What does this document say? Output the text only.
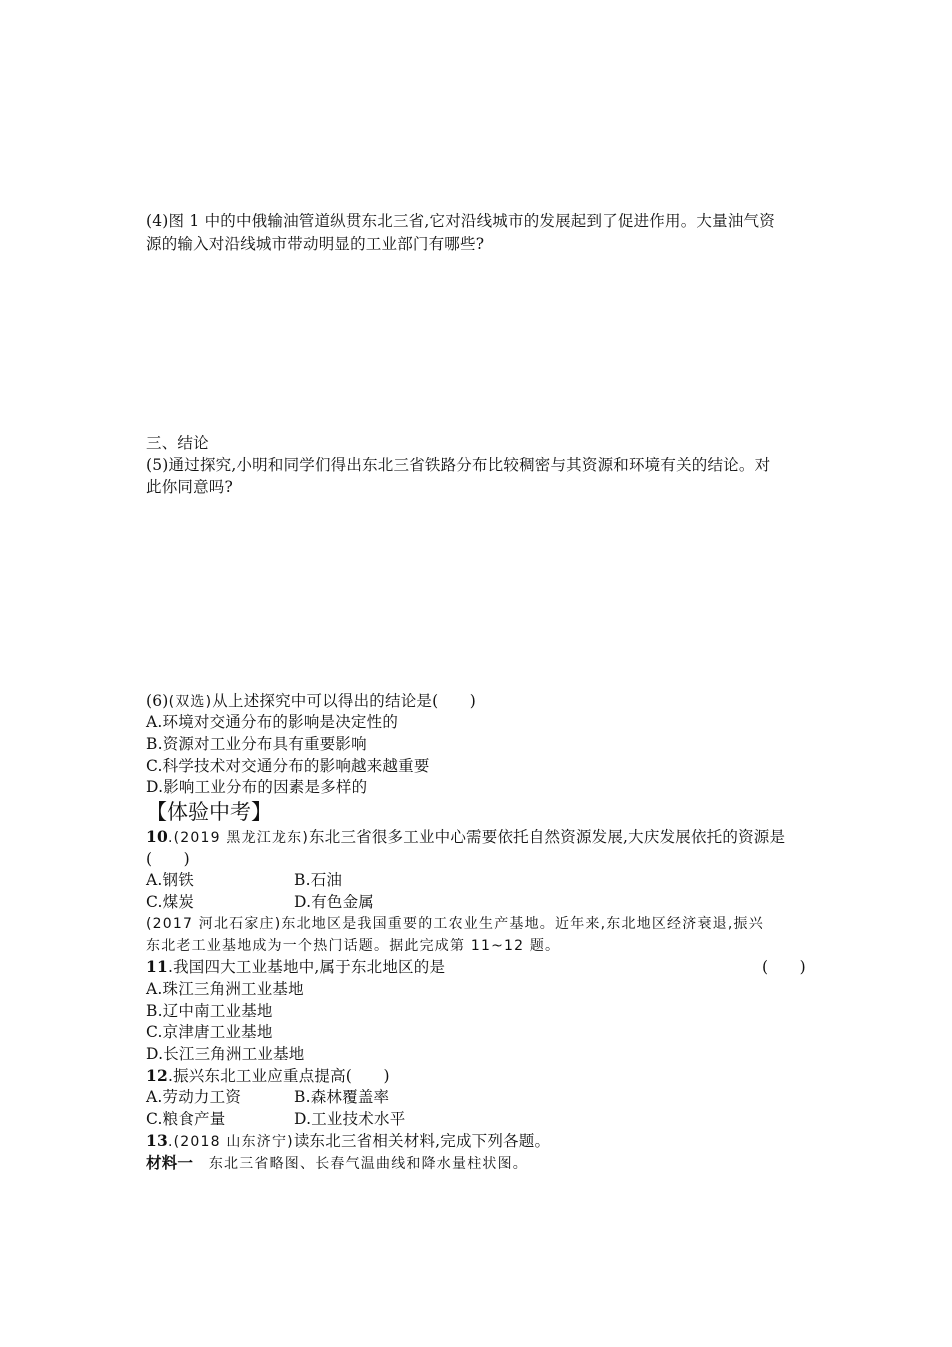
(4)图 1 中的中俄输油管道纵贯东北三省,它对沿线城市的发展起到了促进作用。大量油气资
源的输入对沿线城市带动明显的工业部门有哪些?
三、结论
(5)通过探究,小明和同学们得出东北三省铁路分布比较稠密与其资源和环境有关的结论。对
此你同意吗?
(6)(双选)从上述探究中可以得出的结论是(　　)
A.环境对交通分布的影响是决定性的
B.资源对工业分布具有重要影响
C.科学技术对交通分布的影响越来越重要
D.影响工业分布的因素是多样的
【体验中考】
10.(2019 黑龙江龙东)东北三省很多工业中心需要依托自然资源发展,大庆发展依托的资源是
(　　)
A.钢铁	B.石油
C.煤炭	D.有色金属
(2017 河北石家庄)东北地区是我国重要的工农业生产基地。近年来,东北地区经济衰退,振兴
东北老工业基地成为一个热门话题。据此完成第 11~12 题。
11.我国四大工业基地中,属于东北地区的是	(　　)
A.珠江三角洲工业基地
B.辽中南工业基地
C.京津唐工业基地
D.长江三角洲工业基地
12.振兴东北工业应重点提高(　　)
A.劳动力工资	B.森林覆盖率
C.粮食产量	D.工业技术水平
13.(2018 山东济宁)读东北三省相关材料,完成下列各题。
材料一　 东北三省略图、长春气温曲线和降水量柱状图。
